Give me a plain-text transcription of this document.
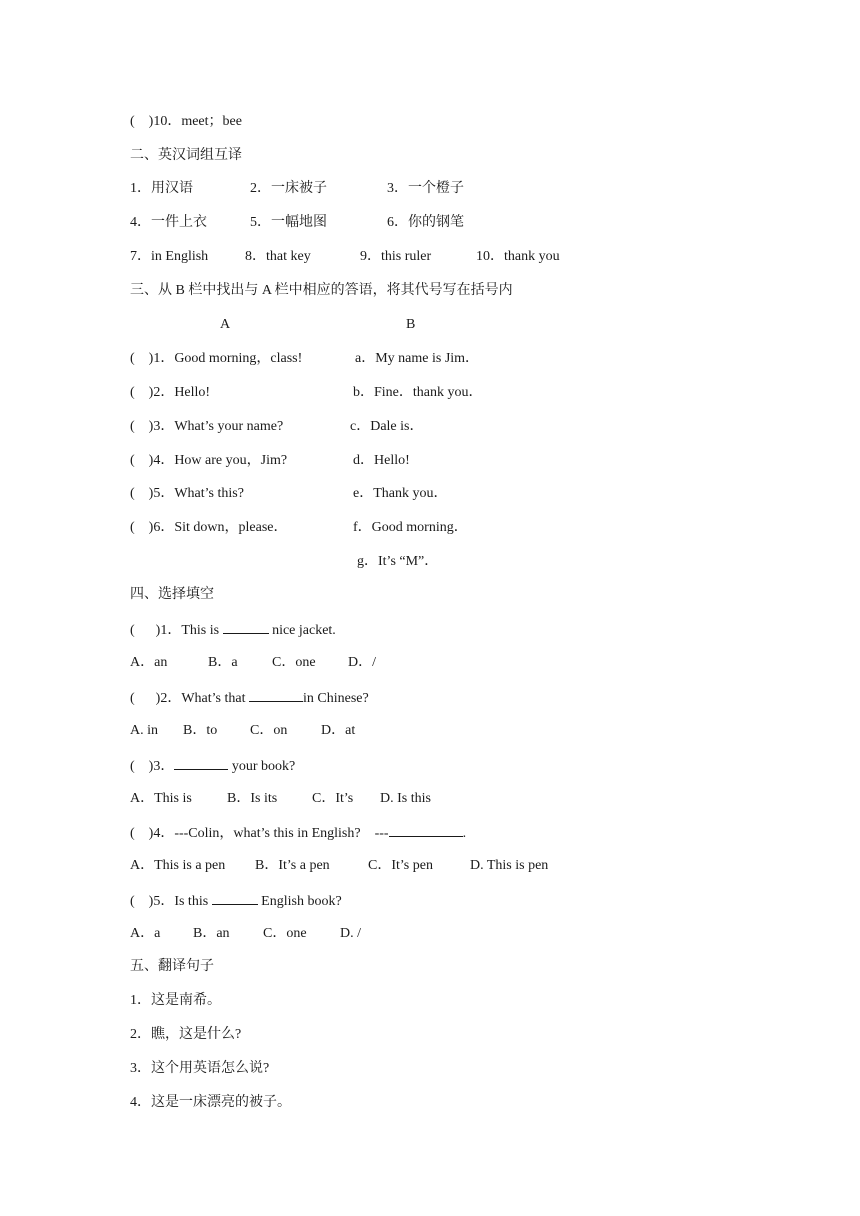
(    )10．meet；bee
二、英汉词组互译
1．用汉语	2．一床被子	3．一个橙子
4．一件上衣	5．一幅地图	6．你的钢笔
7．in English	8．that key	9．this ruler	10．thank you
三、从 B 栏中找出与 A 栏中相应的答语，将其代号写在括号内
A	B
(    )1．Good morning，class!	a．My name is Jim．
(    )2．Hello!	b．Fine．thank you．
(    )3．What’s your name?	c．Dale is．
(    )4．How are you，Jim?	d．Hello!
(    )5．What’s this?	e．Thank you．
(    )6．Sit down，please．	f．Good morning．
g．It’s “M”．
四、选择填空
(      )1．This is	nice jacket.
A．an	B．a C．one D．/
(      )2．What’s that	in Chinese?
A. in B．to C．on D．at
(    )3．	your book?
A．This is	B．Is its C．It’s D. Is this
(    )4．---Colin，what’s this in English?    ---	.
A．This is a pen B．It’s a pen	C．It’s pen	D. This is pen
(    )5．Is this	English book?
A．a B．an C．one D. /
五、翻译句子
1．这是南希。
2．瞧，这是什么?
3．这个用英语怎么说?
4．这是一床漂亮的被子。
